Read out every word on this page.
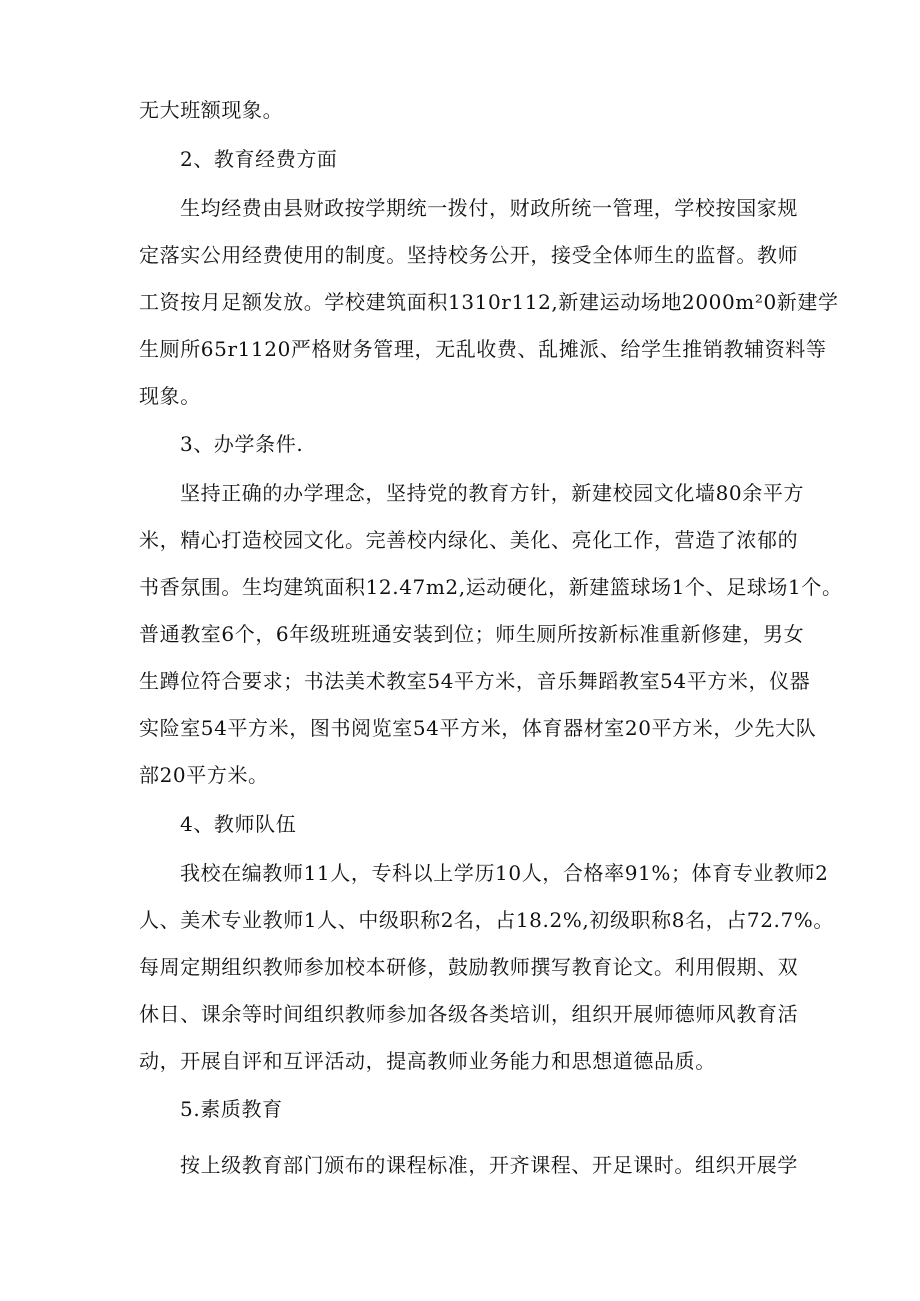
无大班额现象。
2、教育经费方面
生均经费由县财政按学期统一拨付，财政所统一管理，学校按国家规
定落实公用经费使用的制度。坚持校务公开，接受全体师生的监督。教师
工资按月足额发放。学校建筑面积1310r112,新建运动场地2000m²0新建学
生厕所65r1120严格财务管理，无乱收费、乱摊派、给学生推销教辅资料等
现象。
3、办学条件.
坚持正确的办学理念，坚持党的教育方针，新建校园文化墙80余平方
米，精心打造校园文化。完善校内绿化、美化、亮化工作，营造了浓郁的
书香氛围。生均建筑面积12.47m2,运动硬化，新建篮球场1个、足球场1个。
普通教室6个，6年级班班通安装到位；师生厕所按新标准重新修建，男女
生蹲位符合要求；书法美术教室54平方米，音乐舞蹈教室54平方米，仪器
实险室54平方米，图书阅览室54平方米，体育器材室20平方米，少先大队
部20平方米。
4、教师队伍
我校在编教师11人，专科以上学历10人，合格率91%；体育专业教师2
人、美术专业教师1人、中级职称2名，占18.2%,初级职称8名，占72.7%。
每周定期组织教师参加校本研修，鼓励教师撰写教育论文。利用假期、双
休日、课余等时间组织教师参加各级各类培训，组织开展师德师风教育活
动，开展自评和互评活动，提高教师业务能力和思想道德品质。
5.素质教育
按上级教育部门颁布的课程标准，开齐课程、开足课时。组织开展学
